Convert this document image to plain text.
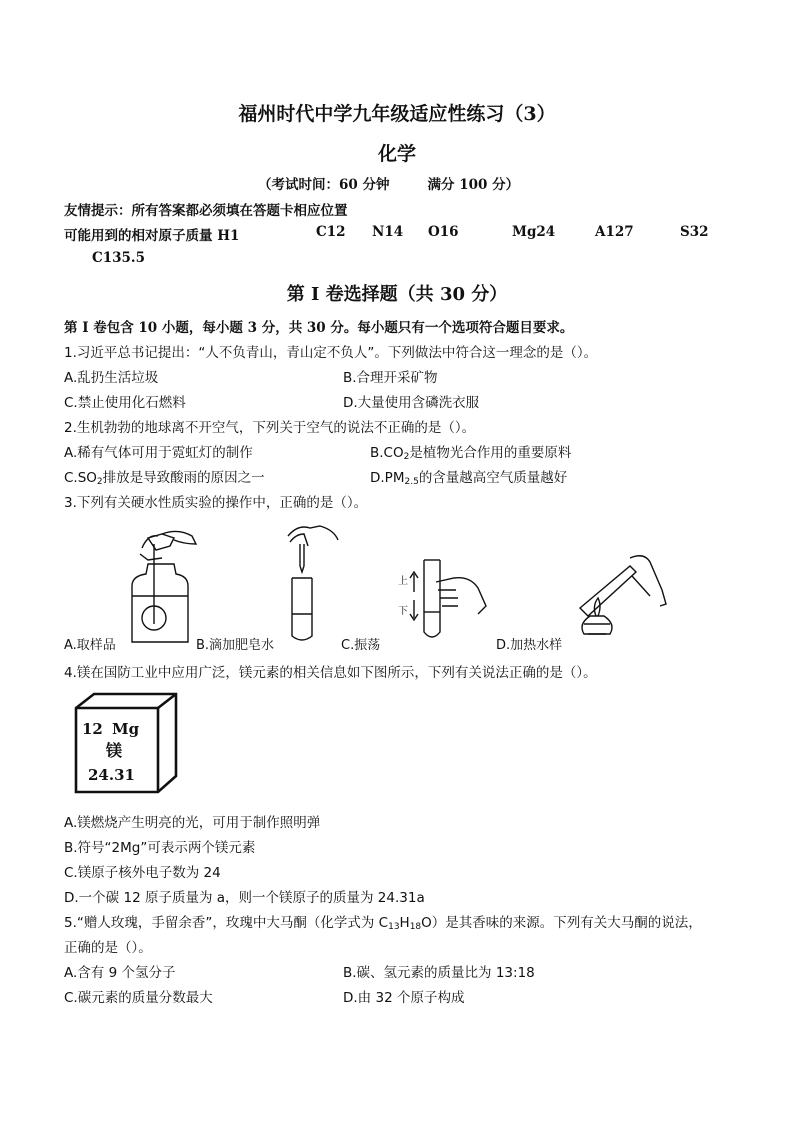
福州时代中学九年级适应性练习（3）
化学
（考试时间：60 分钟	满分 100 分）
友情提示：所有答案都必须填在答题卡相应位置
可能用到的相对原子质量 H1	C12 N14 O16	Mg24	A127	S32
C135.5
第 I 卷选择题（共 30 分）
第 I 卷包含 10 小题，每小题 3 分，共 30 分。每小题只有一个选项符合题目要求。
1.习近平总书记提出：“人不负青山，青山定不负人”。下列做法中符合这一理念的是（）。
A.乱扔生活垃圾	B.合理开采矿物
C.禁止使用化石燃料	D.大量使用含磷洗衣服
2.生机勃勃的地球离不开空气，下列关于空气的说法不正确的是（）。
A.稀有气体可用于霓虹灯的制作	$B.CO_2$是植物光合作用的重要原料
$C.SO_2$排放是导致酸雨的原因之一	$D.PM_{2.5}$的含量越高空气质量越好
3.下列有关硬水性质实验的操作中，正确的是（）。
A.取样品	B.滴加肥皂水
上
下
C.振荡	D.加热水样
4.镁在国防工业中应用广泛，镁元素的相关信息如下图所示，下列有关说法正确的是（）。
12 Mg
镁
24.31
A.镁燃烧产生明亮的光，可用于制作照明弹
B.符号“2Mg”可表示两个镁元素
C.镁原子核外电子数为 24
D.一个碳 12 原子质量为 a，则一个镁原子的质量为 24.31a
5.“赠人玫瑰，手留余香”，玫瑰中大马酮（化学式为 $C_{13}H_{18}O$）是其香味的来源。下列有关大马酮的说法，
正确的是（）。
A.含有 9 个氢分子	B.碳、氢元素的质量比为 13:18
C.碳元素的质量分数最大	D.由 32 个原子构成
